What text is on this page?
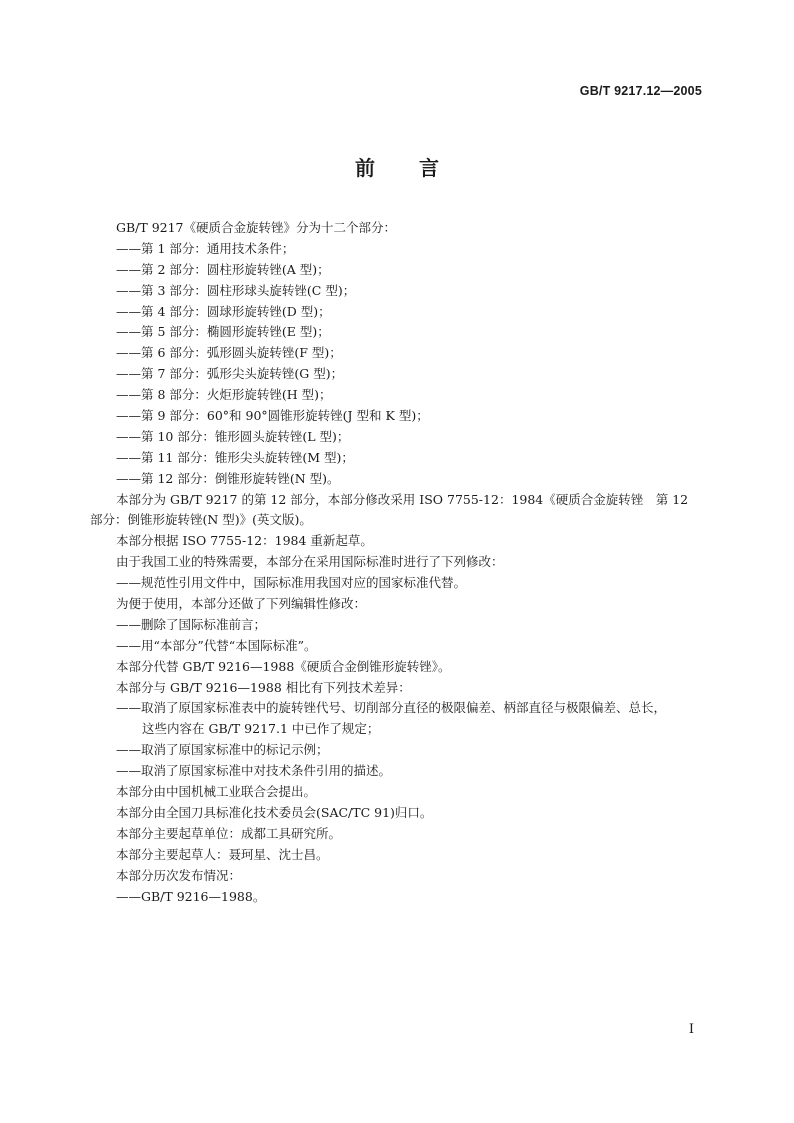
GB/T 9217.12—2005
前言
GB/T 9217《硬质合金旋转锉》分为十二个部分：
——第 1 部分：通用技术条件；
——第 2 部分：圆柱形旋转锉(A 型)；
——第 3 部分：圆柱形球头旋转锉(C 型)；
——第 4 部分：圆球形旋转锉(D 型)；
——第 5 部分：椭圆形旋转锉(E 型)；
——第 6 部分：弧形圆头旋转锉(F 型)；
——第 7 部分：弧形尖头旋转锉(G 型)；
——第 8 部分：火炬形旋转锉(H 型)；
——第 9 部分：60°和 90°圆锥形旋转锉(J 型和 K 型)；
——第 10 部分：锥形圆头旋转锉(L 型)；
——第 11 部分：锥形尖头旋转锉(M 型)；
——第 12 部分：倒锥形旋转锉(N 型)。
本部分为 GB/T 9217 的第 12 部分，本部分修改采用 ISO 7755-12：1984《硬质合金旋转锉　第 12
部分：倒锥形旋转锉(N 型)》(英文版)。
本部分根据 ISO 7755-12：1984 重新起草。
由于我国工业的特殊需要，本部分在采用国际标准时进行了下列修改：
——规范性引用文件中，国际标准用我国对应的国家标准代替。
为便于使用，本部分还做了下列编辑性修改：
——删除了国际标准前言；
——用“本部分”代替“本国际标准”。
本部分代替 GB/T 9216—1988《硬质合金倒锥形旋转锉》。
本部分与 GB/T 9216—1988 相比有下列技术差异：
——取消了原国家标准表中的旋转锉代号、切削部分直径的极限偏差、柄部直径与极限偏差、总长，
这些内容在 GB/T 9217.1 中已作了规定；
——取消了原国家标准中的标记示例；
——取消了原国家标准中对技术条件引用的描述。
本部分由中国机械工业联合会提出。
本部分由全国刀具标准化技术委员会(SAC/TC 91)归口。
本部分主要起草单位：成都工具研究所。
本部分主要起草人：聂珂星、沈士昌。
本部分历次发布情况：
——GB/T 9216—1988。
I
